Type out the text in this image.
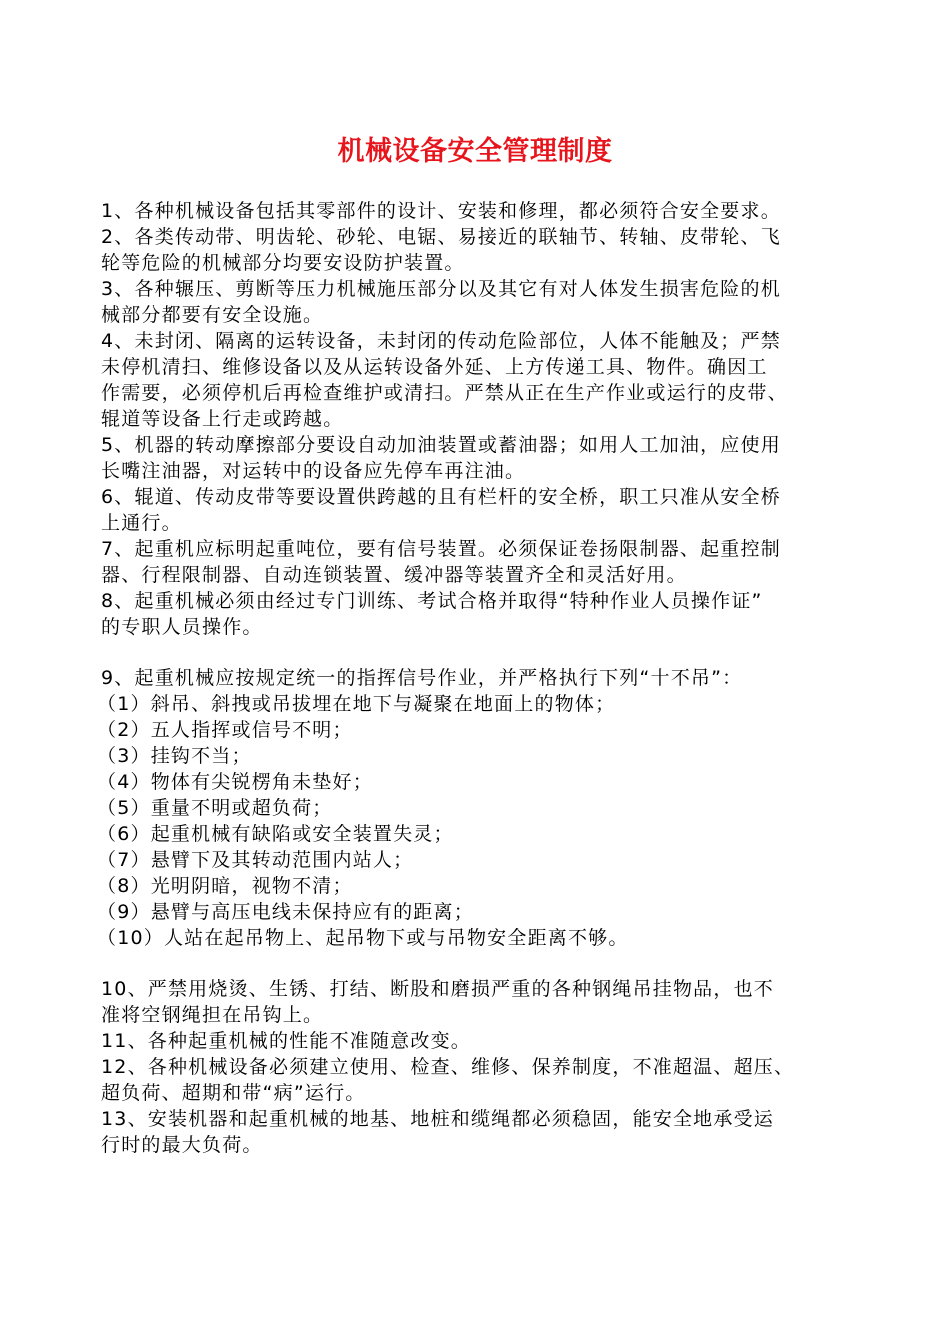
机械设备安全管理制度
1、各种机械设备包括其零部件的设计、安装和修理，都必须符合安全要求。
2、各类传动带、明齿轮、砂轮、电锯、易接近的联轴节、转轴、皮带轮、飞
轮等危险的机械部分均要安设防护装置。
3、各种辗压、剪断等压力机械施压部分以及其它有对人体发生损害危险的机
械部分都要有安全设施。
4、未封闭、隔离的运转设备，未封闭的传动危险部位，人体不能触及；严禁
未停机清扫、维修设备以及从运转设备外延、上方传递工具、物件。确因工
作需要，必须停机后再检查维护或清扫。严禁从正在生产作业或运行的皮带、
辊道等设备上行走或跨越。
5、机器的转动摩擦部分要设自动加油装置或蓄油器；如用人工加油，应使用
长嘴注油器，对运转中的设备应先停车再注油。
6、辊道、传动皮带等要设置供跨越的且有栏杆的安全桥，职工只准从安全桥
上通行。
7、起重机应标明起重吨位，要有信号装置。必须保证卷扬限制器、起重控制
器、行程限制器、自动连锁装置、缓冲器等装置齐全和灵活好用。
8、起重机械必须由经过专门训练、考试合格并取得“特种作业人员操作证”
的专职人员操作。
9、起重机械应按规定统一的指挥信号作业，并严格执行下列“十不吊”：
（1）斜吊、斜拽或吊拔埋在地下与凝聚在地面上的物体；
（2）五人指挥或信号不明；
（3）挂钩不当；
（4）物体有尖锐楞角未垫好；
（5）重量不明或超负荷；
（6）起重机械有缺陷或安全装置失灵；
（7）悬臂下及其转动范围内站人；
（8）光明阴暗，视物不清；
（9）悬臂与高压电线未保持应有的距离；
（10）人站在起吊物上、起吊物下或与吊物安全距离不够。
10、严禁用烧烫、生锈、打结、断股和磨损严重的各种钢绳吊挂物品，也不
准将空钢绳担在吊钩上。
11、各种起重机械的性能不准随意改变。
12、各种机械设备必须建立使用、检查、维修、保养制度，不准超温、超压、
超负荷、超期和带“病”运行。
13、安装机器和起重机械的地基、地桩和缆绳都必须稳固，能安全地承受运
行时的最大负荷。
